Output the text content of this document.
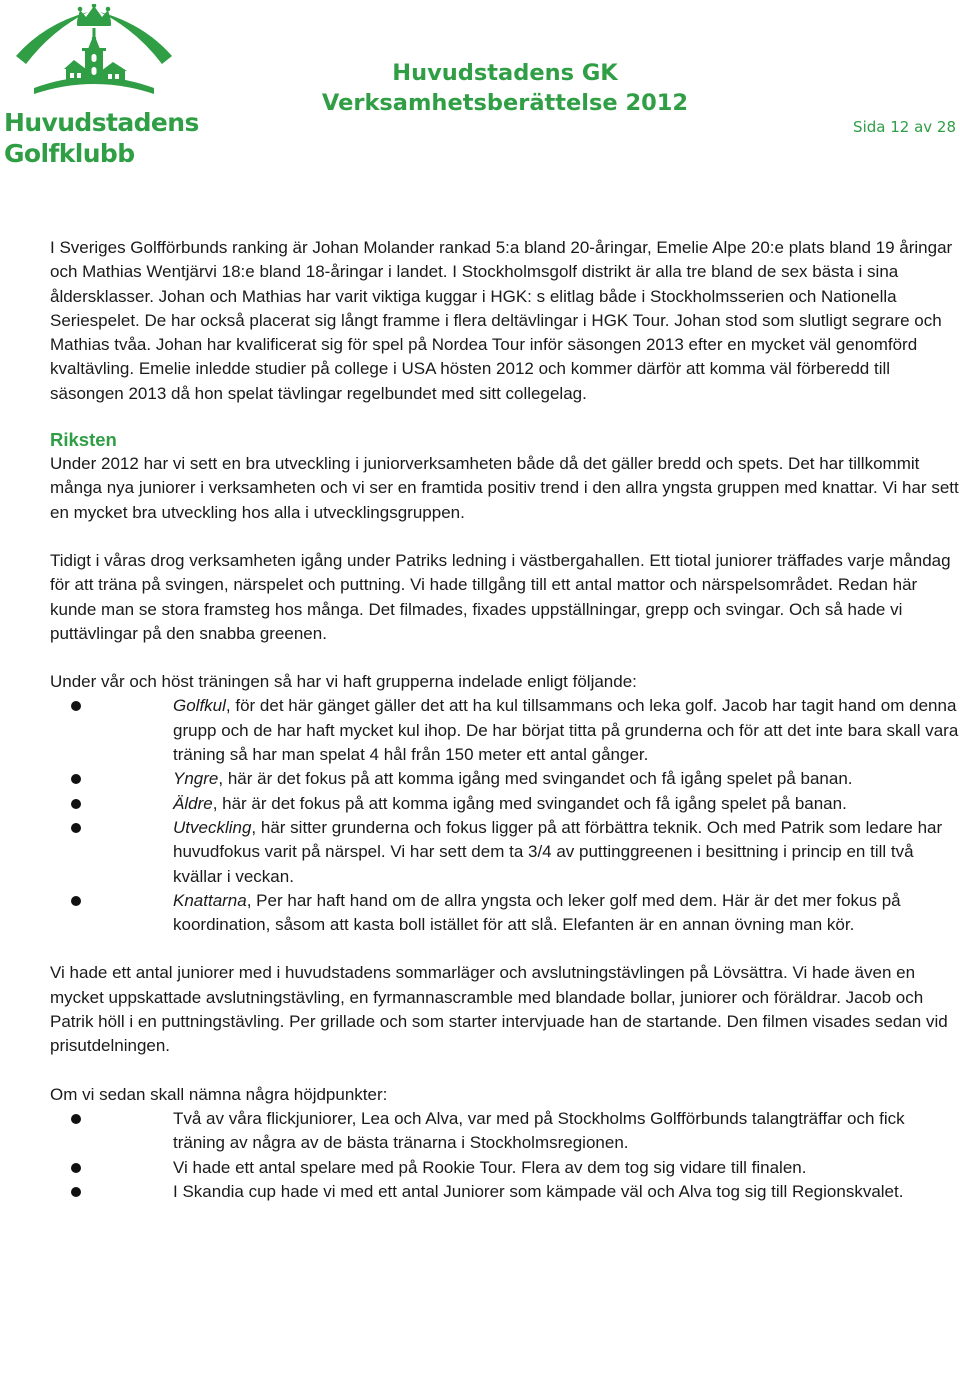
Huvudstadens
Golfklubb
Huvudstadens GK
Verksamhetsberättelse 2012
Sida 12 av 28

I Sveriges Golfförbunds ranking är Johan Molander rankad 5:a bland 20-åringar, Emelie Alpe 20:e plats bland 19 åringar och Mathias Wentjärvi 18:e bland 18-åringar i landet. I Stockholmsgolf distrikt är alla tre bland de sex bästa i sina åldersklasser. Johan och Mathias har varit viktiga kuggar i HGK: s elitlag både i Stockholmsserien och Nationella Seriespelet. De har också placerat sig långt framme i flera deltävlingar i HGK Tour. Johan stod som slutligt segrare och Mathias tvåa. Johan har kvalificerat sig för spel på Nordea Tour inför säsongen 2013 efter en mycket väl genomförd kvaltävling. Emelie inledde studier på college i USA hösten 2012 och kommer därför att komma väl förberedd till säsongen 2013 då hon spelat tävlingar regelbundet med sitt collegelag.

Riksten

Under 2012 har vi sett en bra utveckling i juniorverksamheten både då det gäller bredd och spets. Det har tillkommit många nya juniorer i verksamheten och vi ser en framtida positiv trend i den allra yngsta gruppen med knattar. Vi har sett en mycket bra utveckling hos alla i utvecklingsgruppen.

Tidigt i våras drog verksamheten igång under Patriks ledning i västbergahallen. Ett tiotal juniorer träffades varje måndag för att träna på svingen, närspelet och puttning. Vi hade tillgång till ett antal mattor och närspelsområdet. Redan här kunde man se stora framsteg hos många. Det filmades, fixades uppställningar, grepp och svingar. Och så hade vi puttävlingar på den snabba greenen.

Under vår och höst träningen så har vi haft grupperna indelade enligt följande:

Golfkul, för det här gänget gäller det att ha kul tillsammans och leka golf. Jacob har tagit hand om denna grupp och de har haft mycket kul ihop. De har börjat titta på grunderna och för att det inte bara skall vara träning så har man spelat 4 hål från 150 meter ett antal gånger.
Yngre, här är det fokus på att komma igång med svingandet och få igång spelet på banan.
Äldre, här är det fokus på att komma igång med svingandet och få igång spelet på banan.
Utveckling, här sitter grunderna och fokus ligger på att förbättra teknik. Och med Patrik som ledare har huvudfokus varit på närspel. Vi har sett dem ta 3/4 av puttinggreenen i besittning i princip en till två kvällar i veckan.
Knattarna, Per har haft hand om de allra yngsta och leker golf med dem. Här är det mer fokus på koordination, såsom att kasta boll istället för att slå. Elefanten är en annan övning man kör.

Vi hade ett antal juniorer med i huvudstadens sommarläger och avslutningstävlingen på Lövsättra. Vi hade även en mycket uppskattade avslutningstävling, en fyrmannascramble med blandade bollar, juniorer och föräldrar. Jacob och Patrik höll i en puttningstävling. Per grillade och som starter intervjuade han de startande. Den filmen visades sedan vid prisutdelningen.

Om vi sedan skall nämna några höjdpunkter:

Två av våra flickjuniorer, Lea och Alva, var med på Stockholms Golfförbunds talangträffar och fick träning av några av de bästa tränarna i Stockholmsregionen.
Vi hade ett antal spelare med på Rookie Tour. Flera av dem tog sig vidare till finalen.
I Skandia cup hade vi med ett antal Juniorer som kämpade väl och Alva tog sig till Regionskvalet.
